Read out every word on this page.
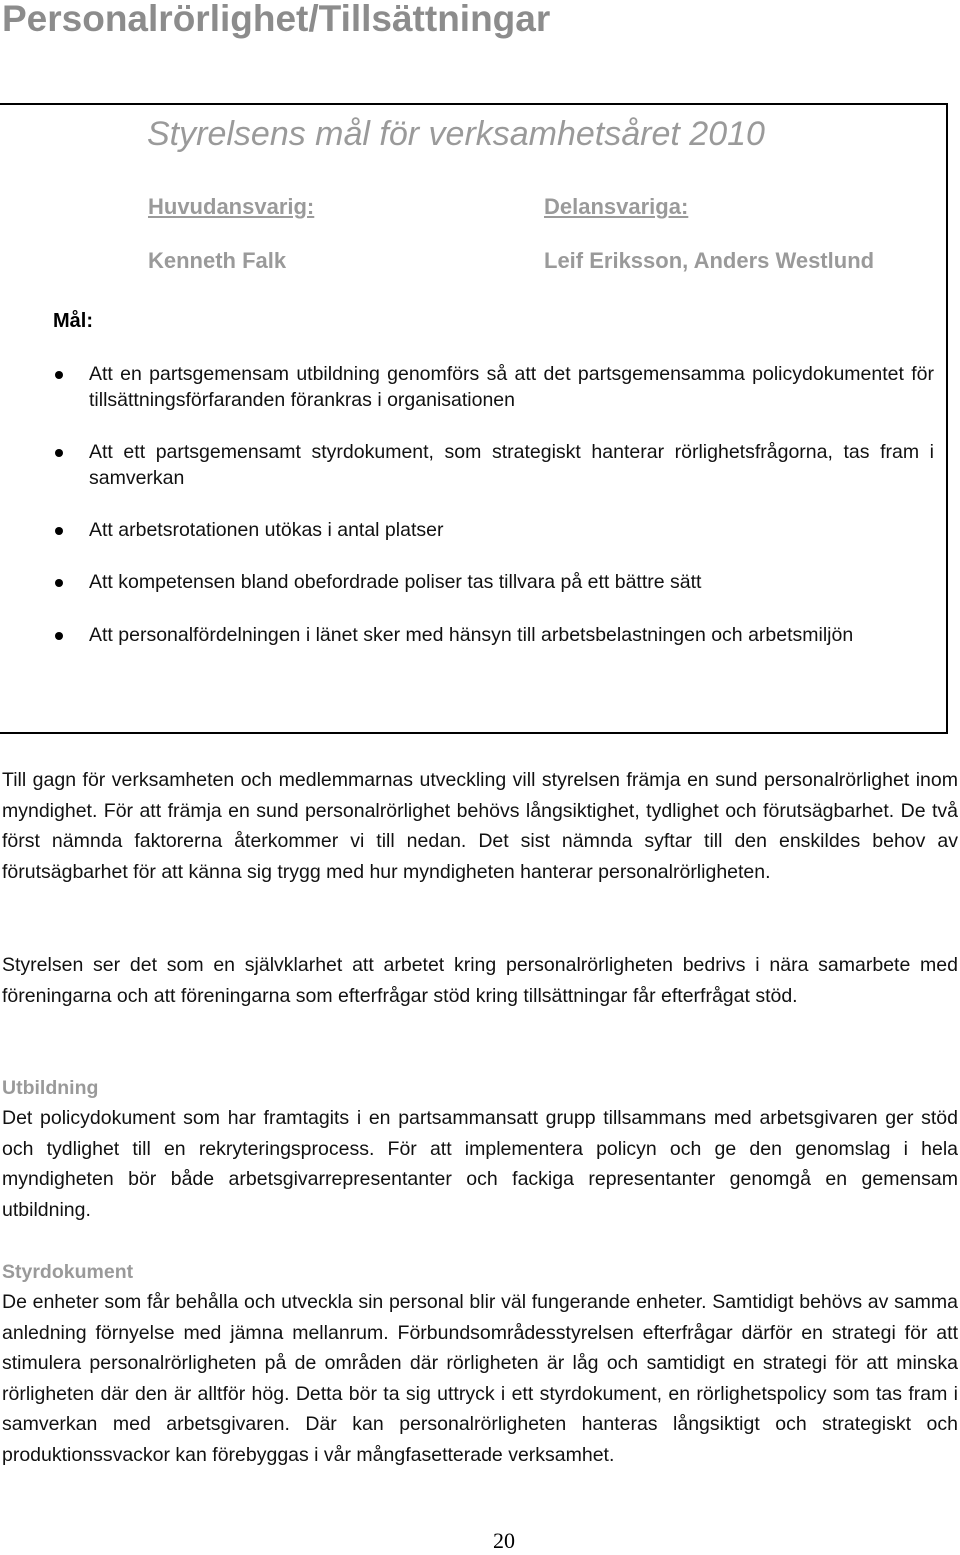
Personalrörlighet/Tillsättningar
Styrelsens mål för verksamhetsåret 2010
Huvudansvarig:	Delansvariga:
Kenneth Falk	Leif Eriksson, Anders Westlund
Mål:
Att en partsgemensam utbildning genomförs så att det partsgemensamma policydokumentet för tillsättningsförfaranden förankras i organisationen
Att ett partsgemensamt styrdokument, som strategiskt hanterar rörlighetsfrågorna, tas fram i samverkan
Att arbetsrotationen utökas i antal platser
Att kompetensen bland obefordrade poliser tas tillvara på ett bättre sätt
Att personalfördelningen i länet sker med hänsyn till arbetsbelastningen och arbetsmiljön

Till gagn för verksamheten och medlemmarnas utveckling vill styrelsen främja en sund personalrörlighet inom myndighet. För att främja en sund personalrörlighet behövs långsiktighet, tydlighet och förutsägbarhet. De två först nämnda faktorerna återkommer vi till nedan. Det sist nämnda syftar till den enskildes behov av förutsägbarhet för att känna sig trygg med hur myndigheten hanterar personalrörligheten.

Styrelsen ser det som en självklarhet att arbetet kring personalrörligheten bedrivs i nära samarbete med föreningarna och att föreningarna som efterfrågar stöd kring tillsättningar får efterfrågat stöd.

Utbildning

Det policydokument som har framtagits i en partsammansatt grupp tillsammans med arbetsgivaren ger stöd och tydlighet till en rekryteringsprocess. För att implementera policyn och ge den genomslag i hela myndigheten bör både arbetsgivarrepresentanter och fackiga representanter genomgå en gemensam utbildning.

Styrdokument

De enheter som får behålla och utveckla sin personal blir väl fungerande enheter. Samtidigt behövs av samma anledning förnyelse med jämna mellanrum. Förbundsområdesstyrelsen efterfrågar därför en strategi för att stimulera personalrörligheten på de områden där rörligheten är låg och samtidigt en strategi för att minska rörligheten där den är alltför hög. Detta bör ta sig uttryck i ett styrdokument, en rörlighetspolicy som tas fram i samverkan med arbetsgivaren. Där kan personalrörligheten hanteras långsiktigt och strategiskt och produktionssvackor kan förebyggas i vår mångfasetterade verksamhet.

20
